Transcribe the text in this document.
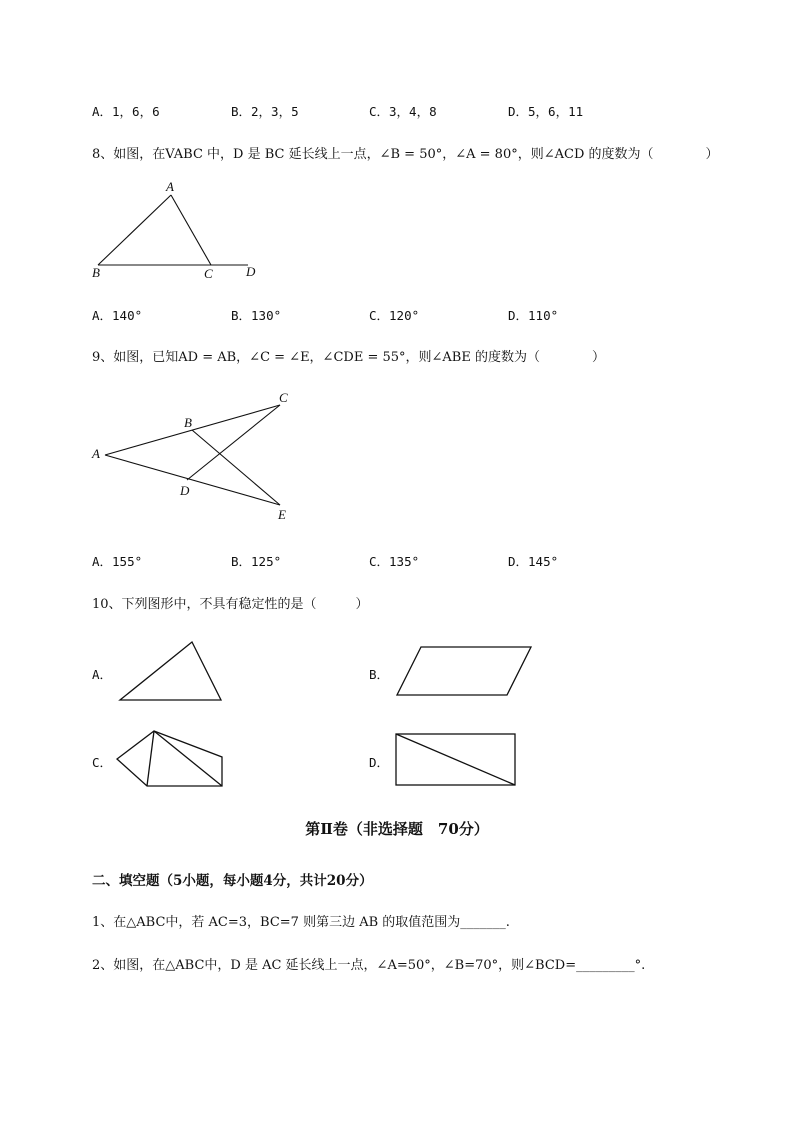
A．1，6，6	B．2，3，5	C．3，4，8	D．5，6，11
8、如图，在VABC 中，D 是 BC 延长线上一点，∠B = 50°，∠A = 80°，则∠ACD 的度数为（　　　　）
A
B	C	D
A．140°	B．130°	C．120°	D．110°
9、如图，已知AD = AB，∠C = ∠E，∠CDE = 55°，则∠ABE 的度数为（　　　　）
A
B
C
D
E
A．155°	B．125°	C．135°	D．145°
10、下列图形中，不具有稳定性的是（　　　）
A．	B．
C．	D．
第Ⅱ卷（非选择题　70分）
二、填空题（5小题，每小题4分，共计20分）
1、在△ABC中，若 AC=3，BC=7 则第三边 AB 的取值范围为_______.
2、如图，在△ABC中，D 是 AC 延长线上一点，∠A=50°，∠B=70°，则∠BCD=_________°.
